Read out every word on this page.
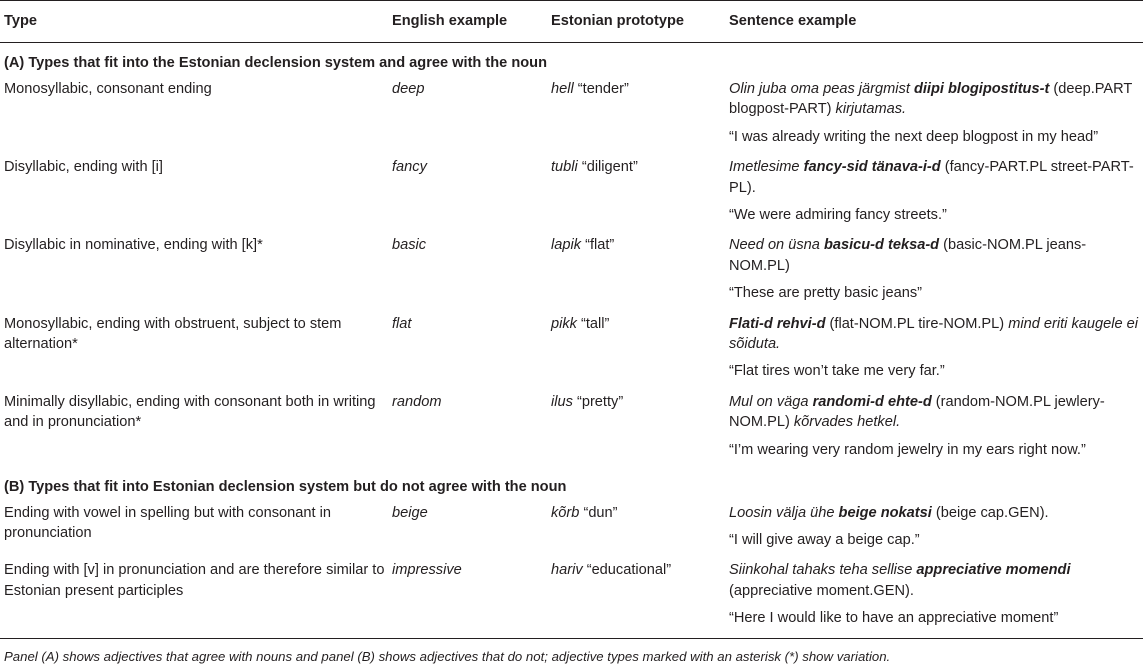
Type	English example	Estonian prototype	Sentence example
(A) Types that fit into the Estonian declension system and agree with the noun			
Monosyllabic, consonant ending	deep	hell “tender”	Olin juba oma peas järgmist diipi blogipostitus-t (deep.PART blogpost-PART) kirjutamas.
“I was already writing the next deep blogpost in my head”

Disyllabic, ending with [i]	fancy	tubli “diligent”	Imetlesime fancy-sid tänava-i-d (fancy-PART.PL street-PART-PL).
“We were admiring fancy streets.”

Disyllabic in nominative, ending with [k]*	basic	lapik “flat”	Need on üsna basicu-d teksa-d (basic-NOM.PL jeans-NOM.PL)
“These are pretty basic jeans”

Monosyllabic, ending with obstruent, subject to stem alternation*	flat	pikk “tall”	Flati-d rehvi-d (flat-NOM.PL tire-NOM.PL) mind eriti kaugele ei sõiduta.
“Flat tires won’t take me very far.”

Minimally disyllabic, ending with consonant both in writing and in pronunciation*	random	ilus “pretty”	Mul on väga randomi-d ehte-d (random-NOM.PL jewlery-NOM.PL) kõrvades hetkel.
“I’m wearing very random jewelry in my ears right now.”

(B) Types that fit into Estonian declension system but do not agree with the noun			
Ending with vowel in spelling but with consonant in pronunciation	beige	kõrb “dun”	Loosin välja ühe beige nokatsi (beige cap.GEN).
“I will give away a beige cap.”

Ending with [v] in pronunciation and are therefore similar to Estonian present participles	impressive	hariv “educational”	Siinkohal tahaks teha sellise appreciative momendi (appreciative moment.GEN).
“Here I would like to have an appreciative moment”
Panel (A) shows adjectives that agree with nouns and panel (B) shows adjectives that do not; adjective types marked with an asterisk (*) show variation.
